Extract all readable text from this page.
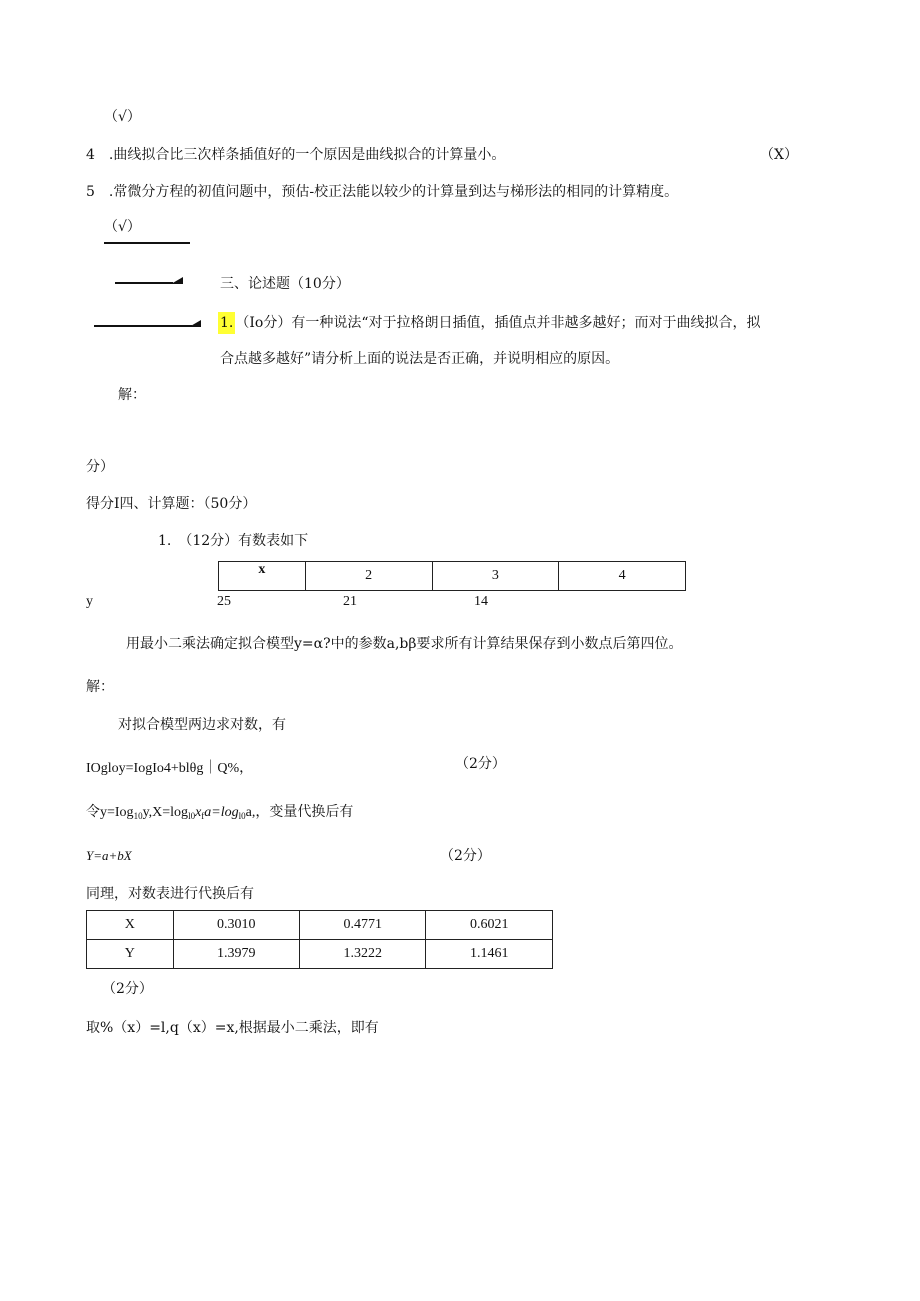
（√）
4　.曲线拟合比三次样条插值好的一个原因是曲线拟合的计算量小。	（X）
5　.常微分方程的初值问题中，预估-校正法能以较少的计算量到达与梯形法的相同的计算精度。
（√）
三、论述题（10分）
1. （Io分）有一种说法“对于拉格朗日插值，插值点并非越多越好；而对于曲线拟合，拟
合点越多越好”请分析上面的说法是否正确，并说明相应的原因。
解：
分）
得分I四、计算题：（50分）
1.　（12分）有数表如下
x	2	3	4
y	25	21	14
用最小二乘法确定拟合模型y=α?中的参数a,bβ要求所有计算结果保存到小数点后第四位。
解：
对拟合模型两边求对数，有
IOgloy=IogIo4+blθg｜Q%，	（2分）
令$y=Iog_{10}y,X=\log_{l0}x_fa=\log_{l0}a$,，变量代换后有
Y=a+bX	（2分）
同理，对数表进行代换后有
X	0.3010	0.4771	0.6021
Y	1.3979	1.3222	1.1461
（2分）
取%（x）=l,q（x）=x,根据最小二乘法，即有
